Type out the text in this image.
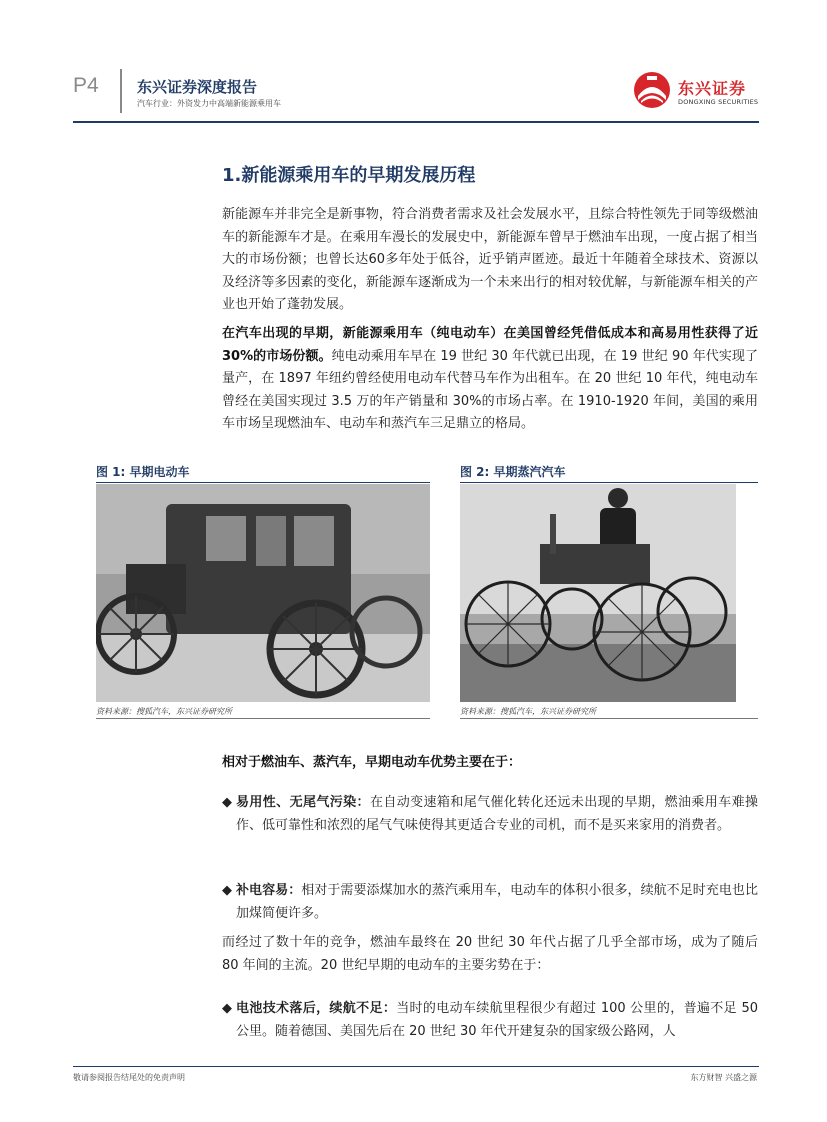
P4	东兴证券深度报告
汽车行业：外资发力中高端新能源乘用车
东兴证券
DONGXING SECURITIES
1.新能源乘用车的早期发展历程
新能源车并非完全是新事物，符合消费者需求及社会发展水平，且综合特性领先于同等级燃油车的新能源车才是。在乘用车漫长的发展史中，新能源车曾早于燃油车出现，一度占据了相当大的市场份额；也曾长达60多年处于低谷，近乎销声匿迹。最近十年随着全球技术、资源以及经济等多因素的变化，新能源车逐渐成为一个未来出行的相对较优解，与新能源车相关的产业也开始了蓬勃发展。
在汽车出现的早期，新能源乘用车（纯电动车）在美国曾经凭借低成本和高易用性获得了近 30%的市场份额。纯电动乘用车早在 19 世纪 30 年代就已出现，在 19 世纪 90 年代实现了量产，在 1897 年纽约曾经使用电动车代替马车作为出租车。在 20 世纪 10 年代，纯电动车曾经在美国实现过 3.5 万的年产销量和 30%的市场占率。在 1910-1920 年间，美国的乘用车市场呈现燃油车、电动车和蒸汽车三足鼎立的格局。
图 1: 早期电动车
资料来源：搜狐汽车，东兴证券研究所
图 2: 早期蒸汽汽车
资料来源：搜狐汽车，东兴证券研究所
相对于燃油车、蒸汽车，早期电动车优势主要在于：
◆ 易用性、无尾气污染：在自动变速箱和尾气催化转化还远未出现的早期，燃油乘用车难操作、低可靠性和浓烈的尾气气味使得其更适合专业的司机，而不是买来家用的消费者。
◆ 补电容易：相对于需要添煤加水的蒸汽乘用车，电动车的体积小很多，续航不足时充电也比加煤简便许多。
而经过了数十年的竞争，燃油车最终在 20 世纪 30 年代占据了几乎全部市场，成为了随后 80 年间的主流。20 世纪早期的电动车的主要劣势在于：
◆ 电池技术落后，续航不足：当时的电动车续航里程很少有超过 100 公里的，普遍不足 50 公里。随着德国、美国先后在 20 世纪 30 年代开建复杂的国家级公路网，人
敬请参阅报告结尾处的免责声明	东方财智 兴盛之源
